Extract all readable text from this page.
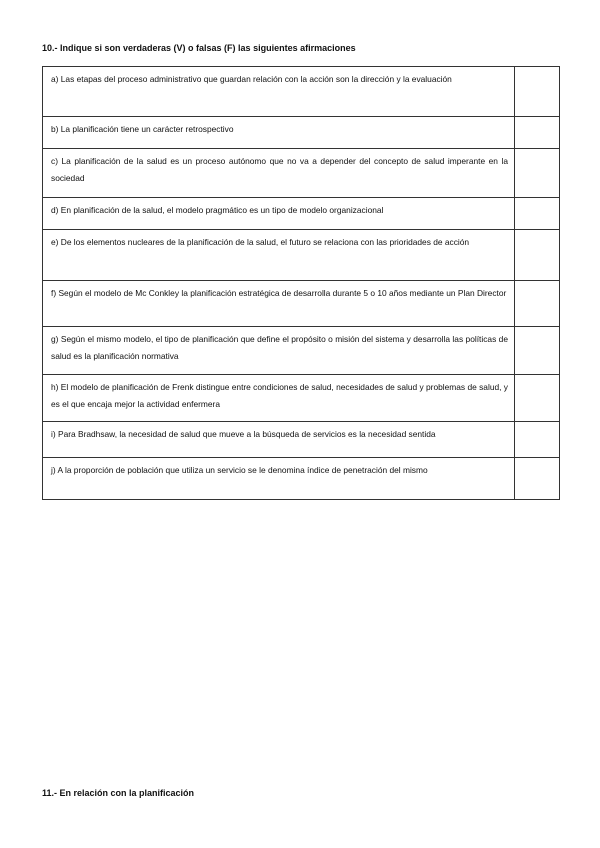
10.- Indique si son verdaderas (V) o falsas (F) las siguientes afirmaciones
a) Las etapas del proceso administrativo que guardan relación con la acción son la dirección y la evaluación	
b) La planificación tiene un carácter retrospectivo	
c) La planificación de la salud es un proceso autónomo que no va a depender del concepto de salud imperante en la sociedad	
d) En planificación de la salud, el modelo pragmático es un tipo de modelo organizacional	
e) De los elementos nucleares de la planificación de la salud, el futuro se relaciona con las prioridades de acción	
f) Según el modelo de Mc Conkley la planificación estratégica de desarrolla durante 5 o 10 años mediante un Plan Director	
g) Según el mismo modelo, el tipo de planificación que define el propósito o misión del sistema y desarrolla las políticas de salud es la planificación normativa	
h) El modelo de planificación de Frenk distingue entre condiciones de salud, necesidades de salud y problemas de salud, y es el que encaja mejor la actividad enfermera	
i) Para Bradhsaw, la necesidad de salud que mueve a la búsqueda de servicios es la necesidad sentida	
j) A la proporción de población que utiliza un servicio se le denomina índice de penetración del mismo	
11.- En relación con la planificación
